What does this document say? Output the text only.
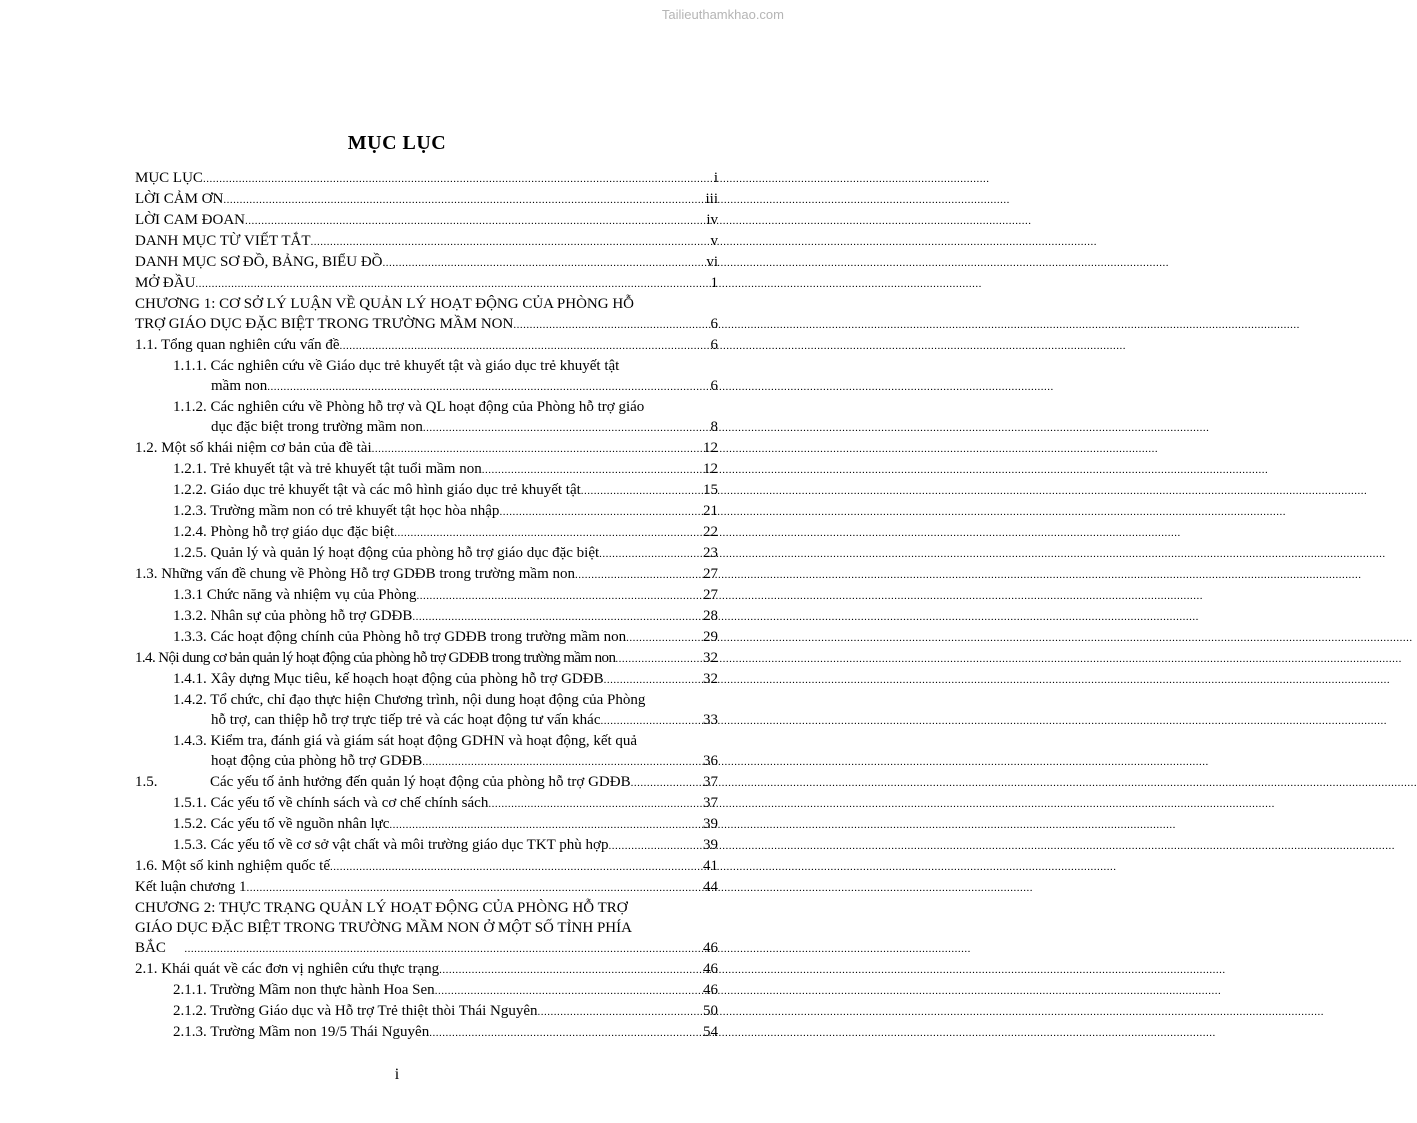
Tailieuthamkhao.com
MỤC LỤC
MỤC LỤC .....	i
LỜI CẢM ƠN .....	iii
LỜI CAM ĐOAN .....	iv
DANH MỤC TỪ VIẾT TẮT .....	v
DANH MỤC SƠ ĐỒ, BẢNG, BIỂU ĐỒ .....	vi
MỞ ĐẦU .....	1
CHƯƠNG 1: CƠ SỞ LÝ LUẬN VỀ QUẢN LÝ HOẠT ĐỘNG CỦA PHÒNG HỖ
TRỢ GIÁO DỤC ĐẶC BIỆT TRONG TRƯỜNG MẦM NON .....	6
1.1. Tổng quan nghiên cứu vấn đề .....	6
1.1.1. Các nghiên cứu về Giáo dục trẻ khuyết tật và giáo dục trẻ khuyết tật
mầm non .....	6
1.1.2. Các nghiên cứu về Phòng hỗ trợ và QL hoạt động của Phòng hỗ trợ giáo
dục đặc biệt trong trường mầm non .....	8
1.2. Một số khái niệm cơ bản của đề tài .....	12
1.2.1. Trẻ khuyết tật và trẻ khuyết tật tuổi mầm non .....	12
1.2.2. Giáo dục trẻ khuyết tật và các mô hình giáo dục trẻ khuyết tật .....	15
1.2.3. Trường mầm non có trẻ khuyết tật học hòa nhập .....	21
1.2.4. Phòng hỗ trợ giáo dục đặc biệt .....	22
1.2.5. Quản lý và quản lý hoạt động của phòng hỗ trợ giáo dục đặc biệt .....	23
1.3. Những vấn đề chung về Phòng Hỗ trợ GDĐB trong trường mầm non .....	27
1.3.1 Chức năng và nhiệm vụ của Phòng .....	27
1.3.2. Nhân sự của phòng hỗ trợ GDĐB .....	28
1.3.3. Các hoạt động chính của Phòng hỗ trợ GDĐB trong trường mầm non .....	29
1.4. Nội dung cơ bản quản lý hoạt động của phòng hỗ trợ GDĐB trong trường mầm non .....	32
1.4.1. Xây dựng Mục tiêu, kế hoạch hoạt động của phòng hỗ trợ GDĐB .....	32
1.4.2. Tổ chức, chỉ đạo thực hiện Chương trình, nội dung hoạt động của Phòng
hỗ trợ, can thiệp hỗ trợ trực tiếp trẻ và các hoạt động tư vấn khác .....	33
1.4.3. Kiểm tra, đánh giá và giám sát hoạt động GDHN và hoạt động, kết quả
hoạt động của phòng hỗ trợ GDĐB .....	36
1.5.	Các yếu tố ảnh hưởng đến quản lý hoạt động của phòng hỗ trợ GDĐB .....	37
1.5.1. Các yếu tố về chính sách và cơ chế chính sách .....	37
1.5.2. Các yếu tố về nguồn nhân lực .....	39
1.5.3. Các yếu tố về cơ sở vật chất và môi trường giáo dục TKT phù hợp .....	39
1.6. Một số kinh nghiệm quốc tế .....	41
Kết luận chương 1 .....	44
CHƯƠNG 2: THỰC TRẠNG QUẢN LÝ HOẠT ĐỘNG CỦA PHÒNG HỖ TRỢ
GIÁO DỤC ĐẶC BIỆT TRONG TRƯỜNG MẦM NON Ở MỘT SỐ TỈNH PHÍA
BẮC .....	46
2.1. Khái quát về các đơn vị nghiên cứu thực trạng .....	46
2.1.1. Trường Mầm non thực hành Hoa Sen .....	46
2.1.2. Trường Giáo dục và Hỗ trợ Trẻ thiệt thòi Thái Nguyên .....	50
2.1.3. Trường Mầm non 19/5 Thái Nguyên .....	54
i
